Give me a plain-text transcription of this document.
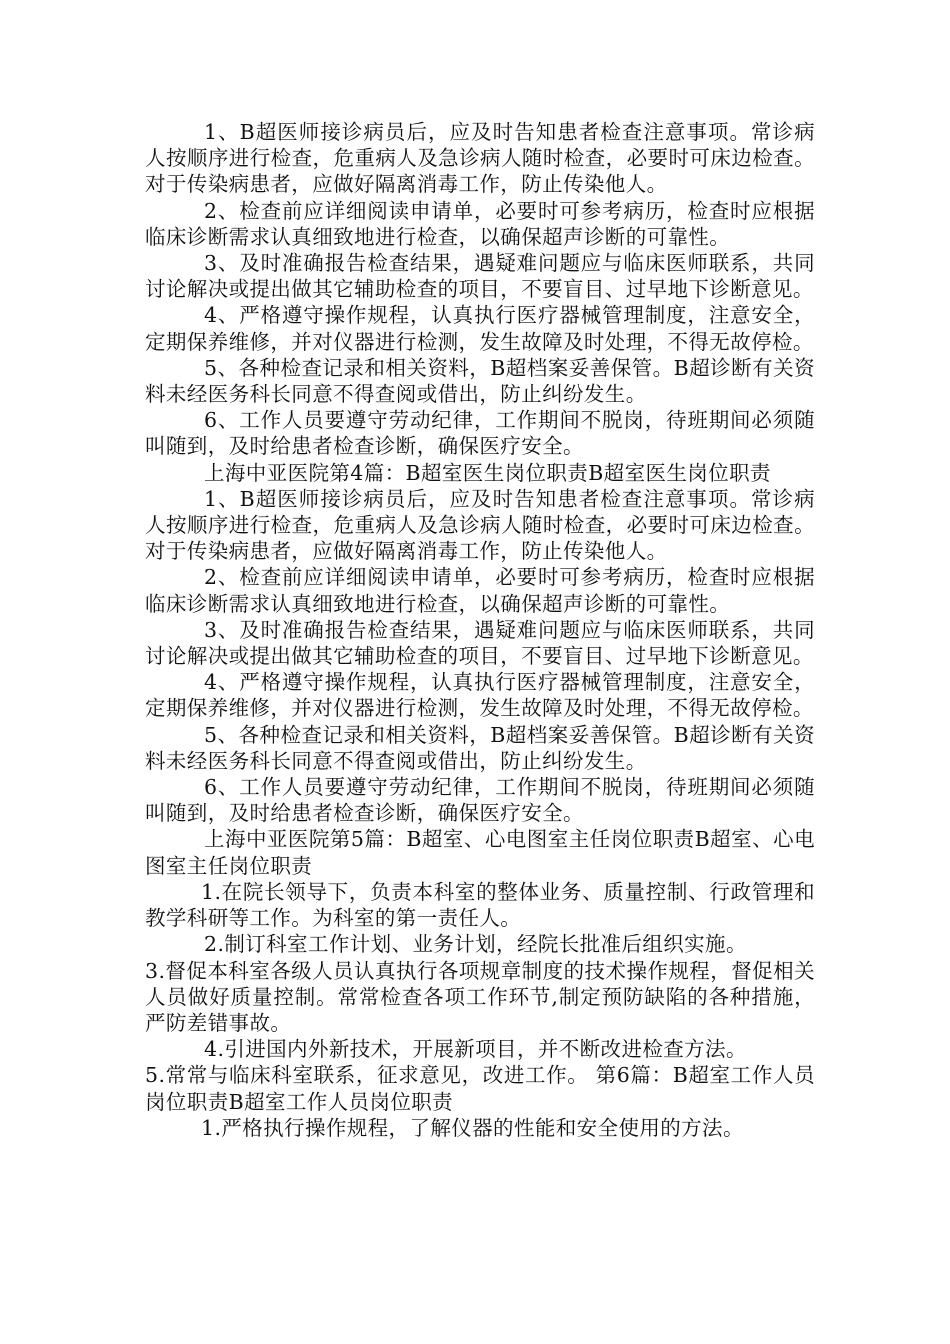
1、B超医师接诊病员后，应及时告知患者检查注意事项。常诊病人按顺序进行检查，危重病人及急诊病人随时检查，必要时可床边检查。对于传染病患者，应做好隔离消毒工作，防止传染他人。

2、检查前应详细阅读申请单，必要时可参考病历，检查时应根据临床诊断需求认真细致地进行检查，以确保超声诊断的可靠性。

3、及时准确报告检查结果，遇疑难问题应与临床医师联系，共同讨论解决或提出做其它辅助检查的项目，不要盲目、过早地下诊断意见。

4、严格遵守操作规程，认真执行医疗器械管理制度，注意安全，定期保养维修，并对仪器进行检测，发生故障及时处理，不得无故停检。

5、各种检查记录和相关资料，B超档案妥善保管。B超诊断有关资料未经医务科长同意不得查阅或借出，防止纠纷发生。

6、工作人员要遵守劳动纪律，工作期间不脱岗，待班期间必须随叫随到，及时给患者检查诊断，确保医疗安全。

上海中亚医院第4篇：B超室医生岗位职责B超室医生岗位职责

1、B超医师接诊病员后，应及时告知患者检查注意事项。常诊病人按顺序进行检查，危重病人及急诊病人随时检查，必要时可床边检查。对于传染病患者，应做好隔离消毒工作，防止传染他人。

2、检查前应详细阅读申请单，必要时可参考病历，检查时应根据临床诊断需求认真细致地进行检查，以确保超声诊断的可靠性。

3、及时准确报告检查结果，遇疑难问题应与临床医师联系，共同讨论解决或提出做其它辅助检查的项目，不要盲目、过早地下诊断意见。

4、严格遵守操作规程，认真执行医疗器械管理制度，注意安全，定期保养维修，并对仪器进行检测，发生故障及时处理，不得无故停检。

5、各种检查记录和相关资料，B超档案妥善保管。B超诊断有关资料未经医务科长同意不得查阅或借出，防止纠纷发生。

6、工作人员要遵守劳动纪律，工作期间不脱岗，待班期间必须随叫随到，及时给患者检查诊断，确保医疗安全。

上海中亚医院第5篇：B超室、心电图室主任岗位职责B超室、心电图室主任岗位职责

1.在院长领导下，负责本科室的整体业务、质量控制、行政管理和教学科研等工作。为科室的第一责任人。

2.制订科室工作计划、业务计划，经院长批准后组织实施。

3.督促本科室各级人员认真执行各项规章制度的技术操作规程，督促相关人员做好质量控制。常常检查各项工作环节,制定预防缺陷的各种措施，严防差错事故。

4.引进国内外新技术，开展新项目，并不断改进检查方法。

5.常常与临床科室联系，征求意见，改进工作。 第6篇：B超室工作人员岗位职责B超室工作人员岗位职责

1.严格执行操作规程，了解仪器的性能和安全使用的方法。
